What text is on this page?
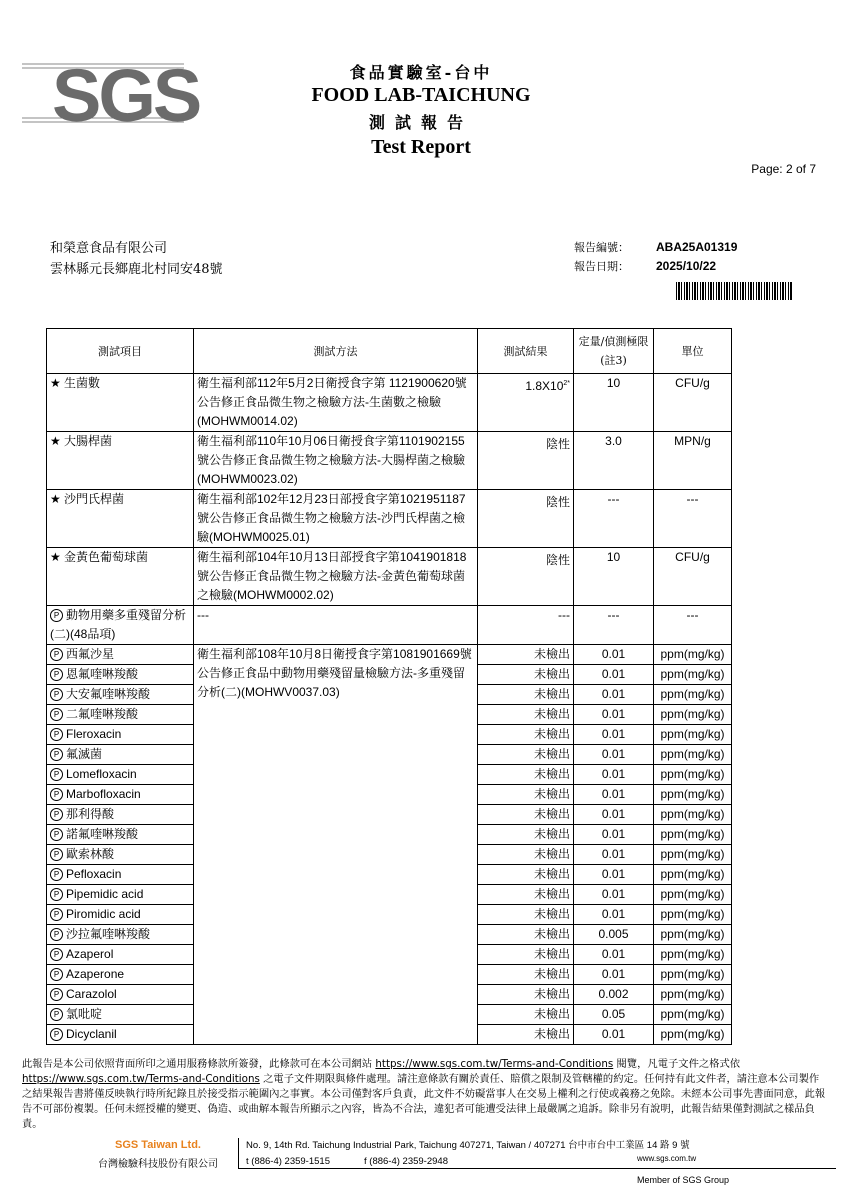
SGS	食品實驗室-台中
FOOD LAB-TAICHUNG
測試報告
Test Report
Page: 2 of 7
和榮意食品有限公司
雲林縣元長鄉鹿北村同安48號
報告編號： ABA25A01319
報告日期： 2025/10/22
測試項目	測試方法	測試結果	定量/偵測極限(註3)	單位
★ 生菌數	衛生福利部112年5月2日衛授食字第 1121900620號公告修正食品微生物之檢驗方法-生菌數之檢驗(MOHWM0014.02)	$1.8X10^{2*}$	10	CFU/g
★ 大腸桿菌	衛生福利部110年10月06日衛授食字第1101902155號公告修正食品微生物之檢驗方法-大腸桿菌之檢驗(MOHWM0023.02)	陰性	3.0	MPN/g
★ 沙門氏桿菌	衛生福利部102年12月23日部授食字第1021951187號公告修正食品微生物之檢驗方法-沙門氏桿菌之檢驗(MOHWM0025.01)	陰性	---	---
★ 金黃色葡萄球菌	衛生福利部104年10月13日部授食字第1041901818號公告修正食品微生物之檢驗方法-金黃色葡萄球菌之檢驗(MOHWM0002.02)	陰性	10	CFU/g
P 動物用藥多重殘留分析(二)(48品項)	---	---	---	---
P 西氟沙星	衛生福利部108年10月8日衛授食字第1081901669號公告修正食品中動物用藥殘留量檢驗方法-多重殘留分析(二)(MOHWV0037.03)	未檢出	0.01	ppm(mg/kg)
P 恩氟喹啉羧酸		未檢出	0.01	ppm(mg/kg)
P 大安氟喹啉羧酸		未檢出	0.01	ppm(mg/kg)
P 二氟喹啉羧酸		未檢出	0.01	ppm(mg/kg)
P Fleroxacin		未檢出	0.01	ppm(mg/kg)
P 氟滅菌		未檢出	0.01	ppm(mg/kg)
P Lomefloxacin		未檢出	0.01	ppm(mg/kg)
P Marbofloxacin		未檢出	0.01	ppm(mg/kg)
P 那利得酸		未檢出	0.01	ppm(mg/kg)
P 諾氟喹啉羧酸		未檢出	0.01	ppm(mg/kg)
P 歐索林酸		未檢出	0.01	ppm(mg/kg)
P Pefloxacin		未檢出	0.01	ppm(mg/kg)
P Pipemidic acid		未檢出	0.01	ppm(mg/kg)
P Piromidic acid		未檢出	0.01	ppm(mg/kg)
P 沙拉氟喹啉羧酸		未檢出	0.005	ppm(mg/kg)
P Azaperol		未檢出	0.01	ppm(mg/kg)
P Azaperone		未檢出	0.01	ppm(mg/kg)
P Carazolol		未檢出	0.002	ppm(mg/kg)
P 氯吡啶		未檢出	0.05	ppm(mg/kg)
P Dicyclanil		未檢出	0.01	ppm(mg/kg)
此報告是本公司依照背面所印之通用服務條款所簽發，此條款可在本公司網站 https://www.sgs.com.tw/Terms-and-Conditions 閱覽，凡電子文件之格式依 https://www.sgs.com.tw/Terms-and-Conditions 之電子文件期限與條件處理。請注意條款有關於責任、賠償之限制及管轄權的約定。任何持有此文件者，請注意本公司製作之結果報告書將僅反映執行時所紀錄且於接受指示範圍內之事實。本公司僅對客戶負責，此文件不妨礙當事人在交易上權利之行使或義務之免除。未經本公司事先書面同意，此報告不可部份複製。任何未經授權的變更、偽造、或曲解本報告所顯示之內容，皆為不合法，違犯者可能遭受法律上最嚴厲之追訴。除非另有說明，此報告結果僅對測試之樣品負責。
SGS Taiwan Ltd.
台灣檢驗科技股份有限公司
No. 9, 14th Rd. Taichung Industrial Park, Taichung 407271, Taiwan / 407271 台中市台中工業區 14 路 9 號
t (886-4) 2359-1515	f (886-4) 2359-2948	www.sgs.com.tw
Member of SGS Group
